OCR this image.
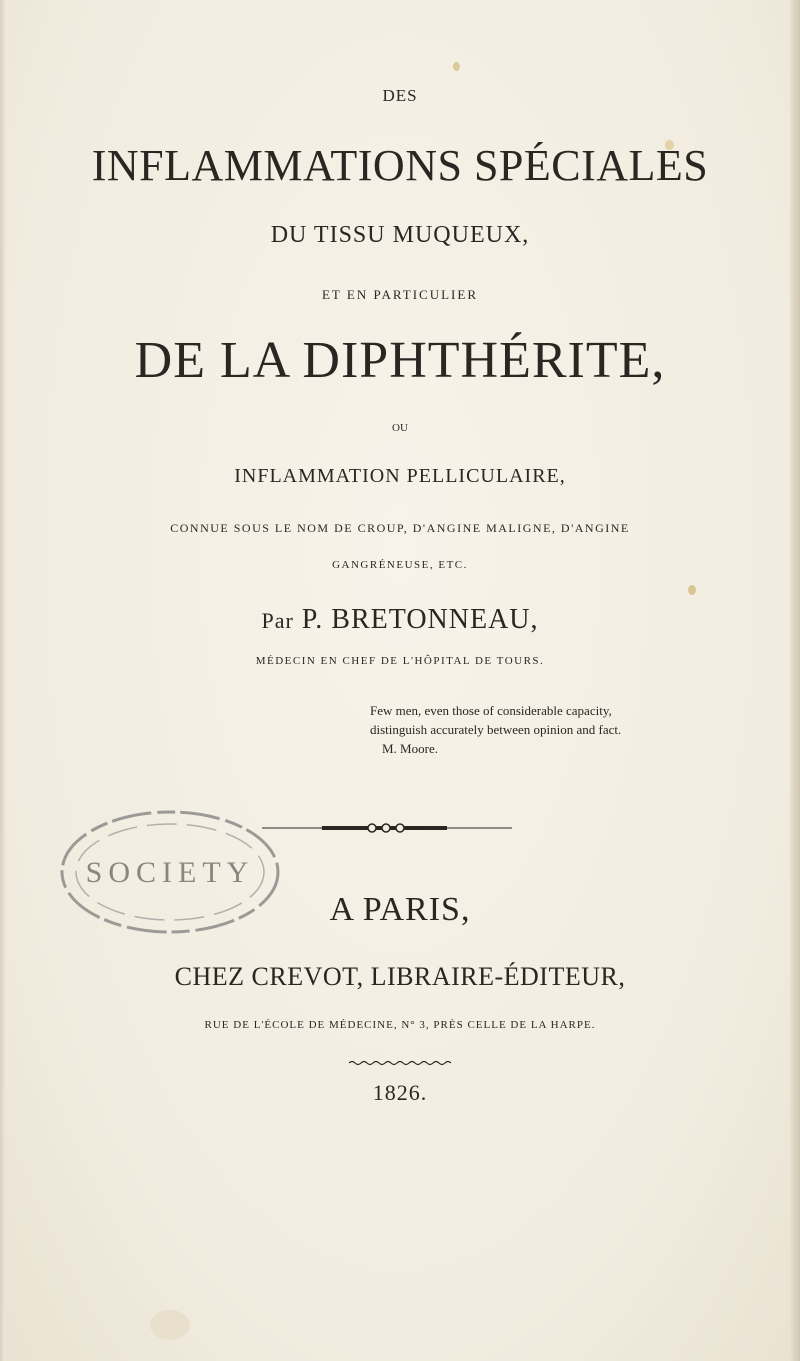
DES
INFLAMMATIONS SPÉCIALES
DU TISSU MUQUEUX,
ET EN PARTICULIER
DE LA DIPHTHÉRITE,
OU
INFLAMMATION PELLICULAIRE,
CONNUE SOUS LE NOM DE CROUP, D'ANGINE MALIGNE, D'ANGINE
GANGRÉNEUSE, ETC.
Par P. BRETONNEAU,
MÉDECIN EN CHEF DE L'HÔPITAL DE TOURS.
Few men, even those of considerable capacity,
distinguish accurately between opinion and fact.
M. Moore.
SOCIETY
A PARIS,
CHEZ CREVOT, LIBRAIRE-ÉDITEUR,
RUE DE L'ÉCOLE DE MÉDECINE, N° 3, PRÈS CELLE DE LA HARPE.
1826.
